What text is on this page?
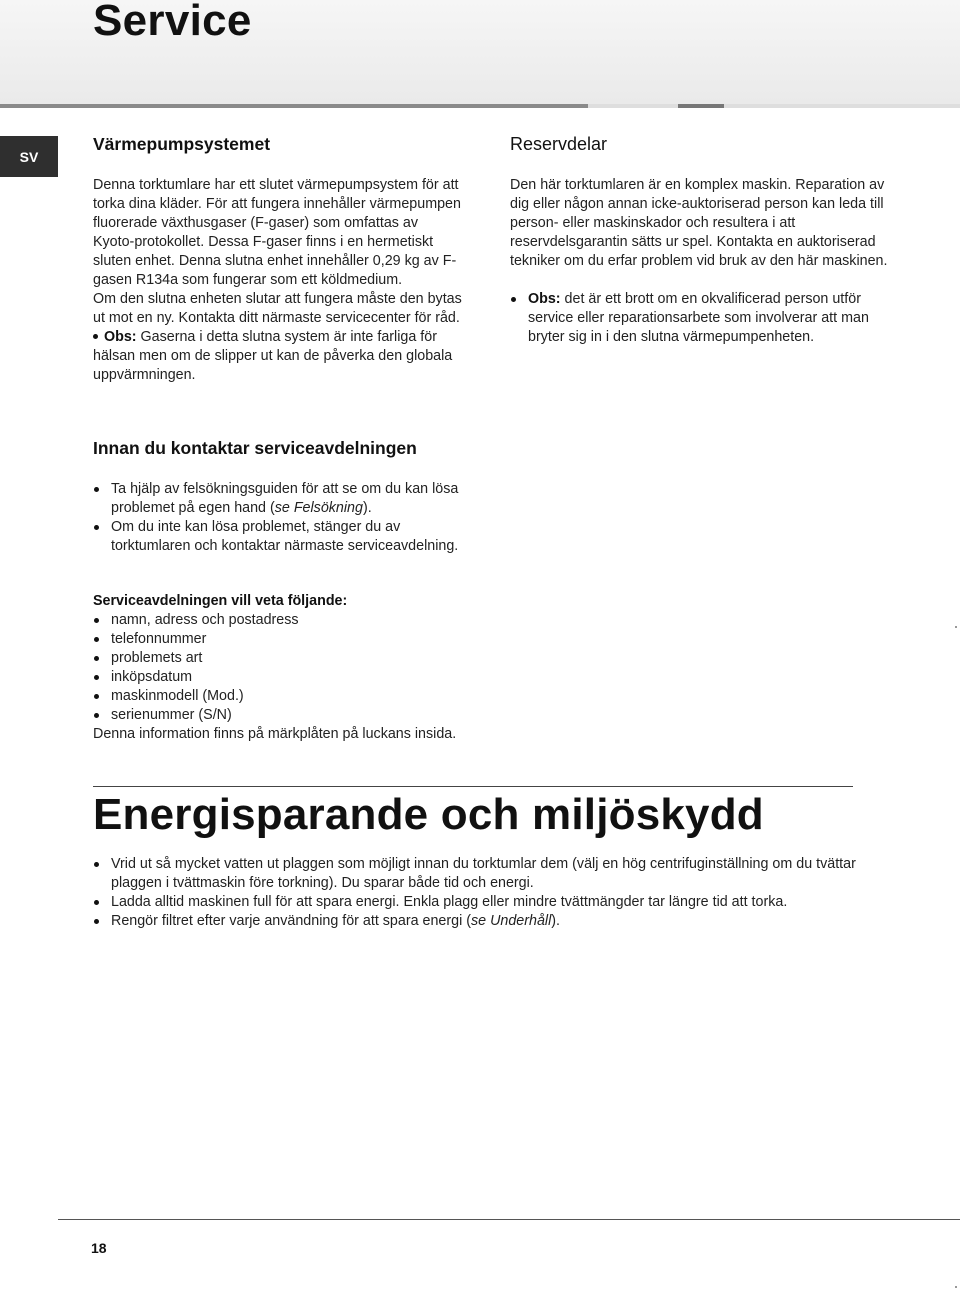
Service
SV
Värmepumpsystemet

Denna torktumlare har ett slutet värmepumpsystem för att torka dina kläder. För att fungera innehåller värmepumpen fluorerade växthusgaser (F-gaser) som omfattas av Kyoto-protokollet. Dessa F-gaser finns i en hermetiskt sluten enhet. Denna slutna enhet innehåller 0,29 kg av F-gasen R134a som fungerar som ett köldmedium.

Om den slutna enheten slutar att fungera måste den bytas ut mot en ny. Kontakta ditt närmaste servicecenter för råd.

Obs: Gaserna i detta slutna system är inte farliga för hälsan men om de slipper ut kan de påverka den globala uppvärmningen.

Reservdelar

Den här torktumlaren är en komplex maskin. Reparation av dig eller någon annan icke-auktoriserad person kan leda till person- eller maskinskador och resultera i att reservdelsgarantin sätts ur spel. Kontakta en auktoriserad tekniker om du erfar problem vid bruk av den här maskinen.

Obs: det är ett brott om en okvalificerad person utför service eller reparationsarbete som involverar att man bryter sig in i den slutna värmepumpenheten.
Innan du kontaktar serviceavdelningen
Ta hjälp av felsökningsguiden för att se om du kan lösa problemet på egen hand (se Felsökning).
Om du inte kan lösa problemet, stänger du av torktumlaren och kontaktar närmaste serviceavdelning.

Serviceavdelningen vill veta följande:

namn, adress och postadress
telefonnummer
problemets art
inköpsdatum
maskinmodell (Mod.)
serienummer (S/N)

Denna information finns på märkplåten på luckans insida.

Energisparande och miljöskydd
Vrid ut så mycket vatten ut plaggen som möjligt innan du torktumlar dem (välj en hög centrifuginställning om du tvättar plaggen i tvättmaskin före torkning). Du sparar både tid och energi.
Ladda alltid maskinen full för att spara energi. Enkla plagg eller mindre tvättmängder tar längre tid att torka.
Rengör filtret efter varje användning för att spara energi (se Underhåll).
18
